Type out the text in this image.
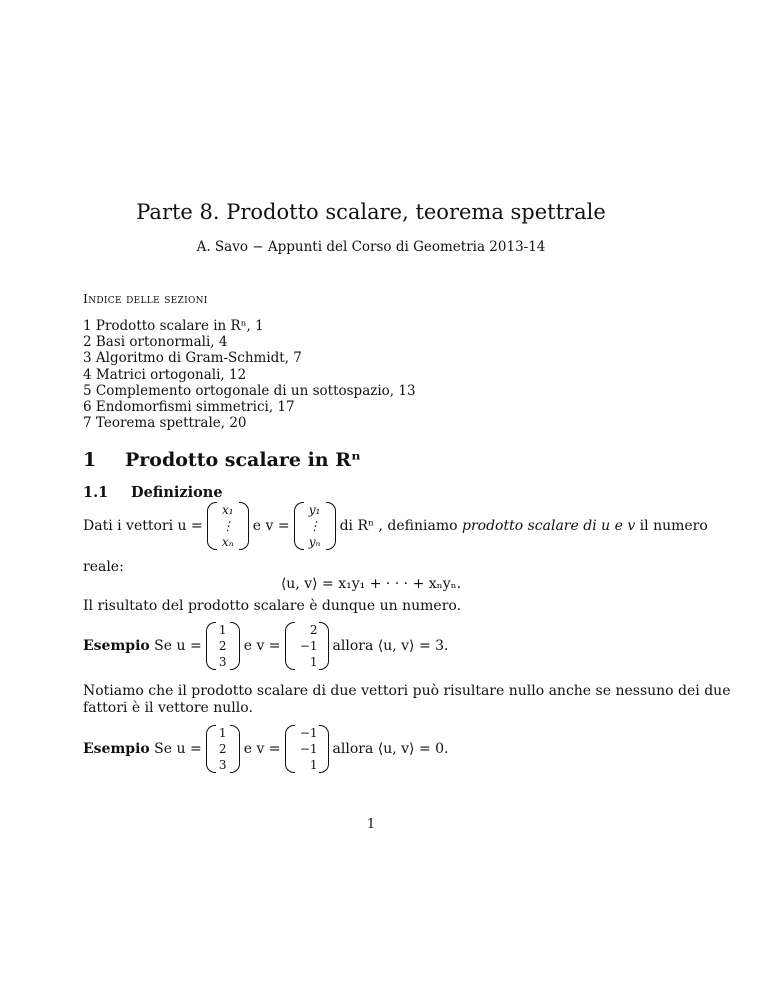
Parte 8. Prodotto scalare, teorema spettrale
A. Savo − Appunti del Corso di Geometria 2013-14
Indice delle sezioni
1 Prodotto scalare in Rⁿ, 1
2 Basi ortonormali, 4
3 Algoritmo di Gram-Schmidt, 7
4 Matrici ortogonali, 12
5 Complemento ortogonale di un sottospazio, 13
6 Endomorfismi simmetrici, 17
7 Teorema spettrale, 20
1 Prodotto scalare in Rⁿ
1.1 Definizione
Dati i vettori u =
x₁
⋮
xₙ
e v =
y₁
⋮
yₙ
di Rⁿ , definiamo prodotto scalare di u e v il numero
reale:
⟨u, v⟩ = x₁y₁ + · · · + xₙyₙ.
Il risultato del prodotto scalare è dunque un numero.
Esempio Se u =
1
2
3
e v =
2
−1
1
allora ⟨u, v⟩ = 3.
Notiamo che il prodotto scalare di due vettori può risultare nullo anche se nessuno dei due
fattori è il vettore nullo.
Esempio Se u =
1
2
3
e v =
−1
−1
1
allora ⟨u, v⟩ = 0.
1
